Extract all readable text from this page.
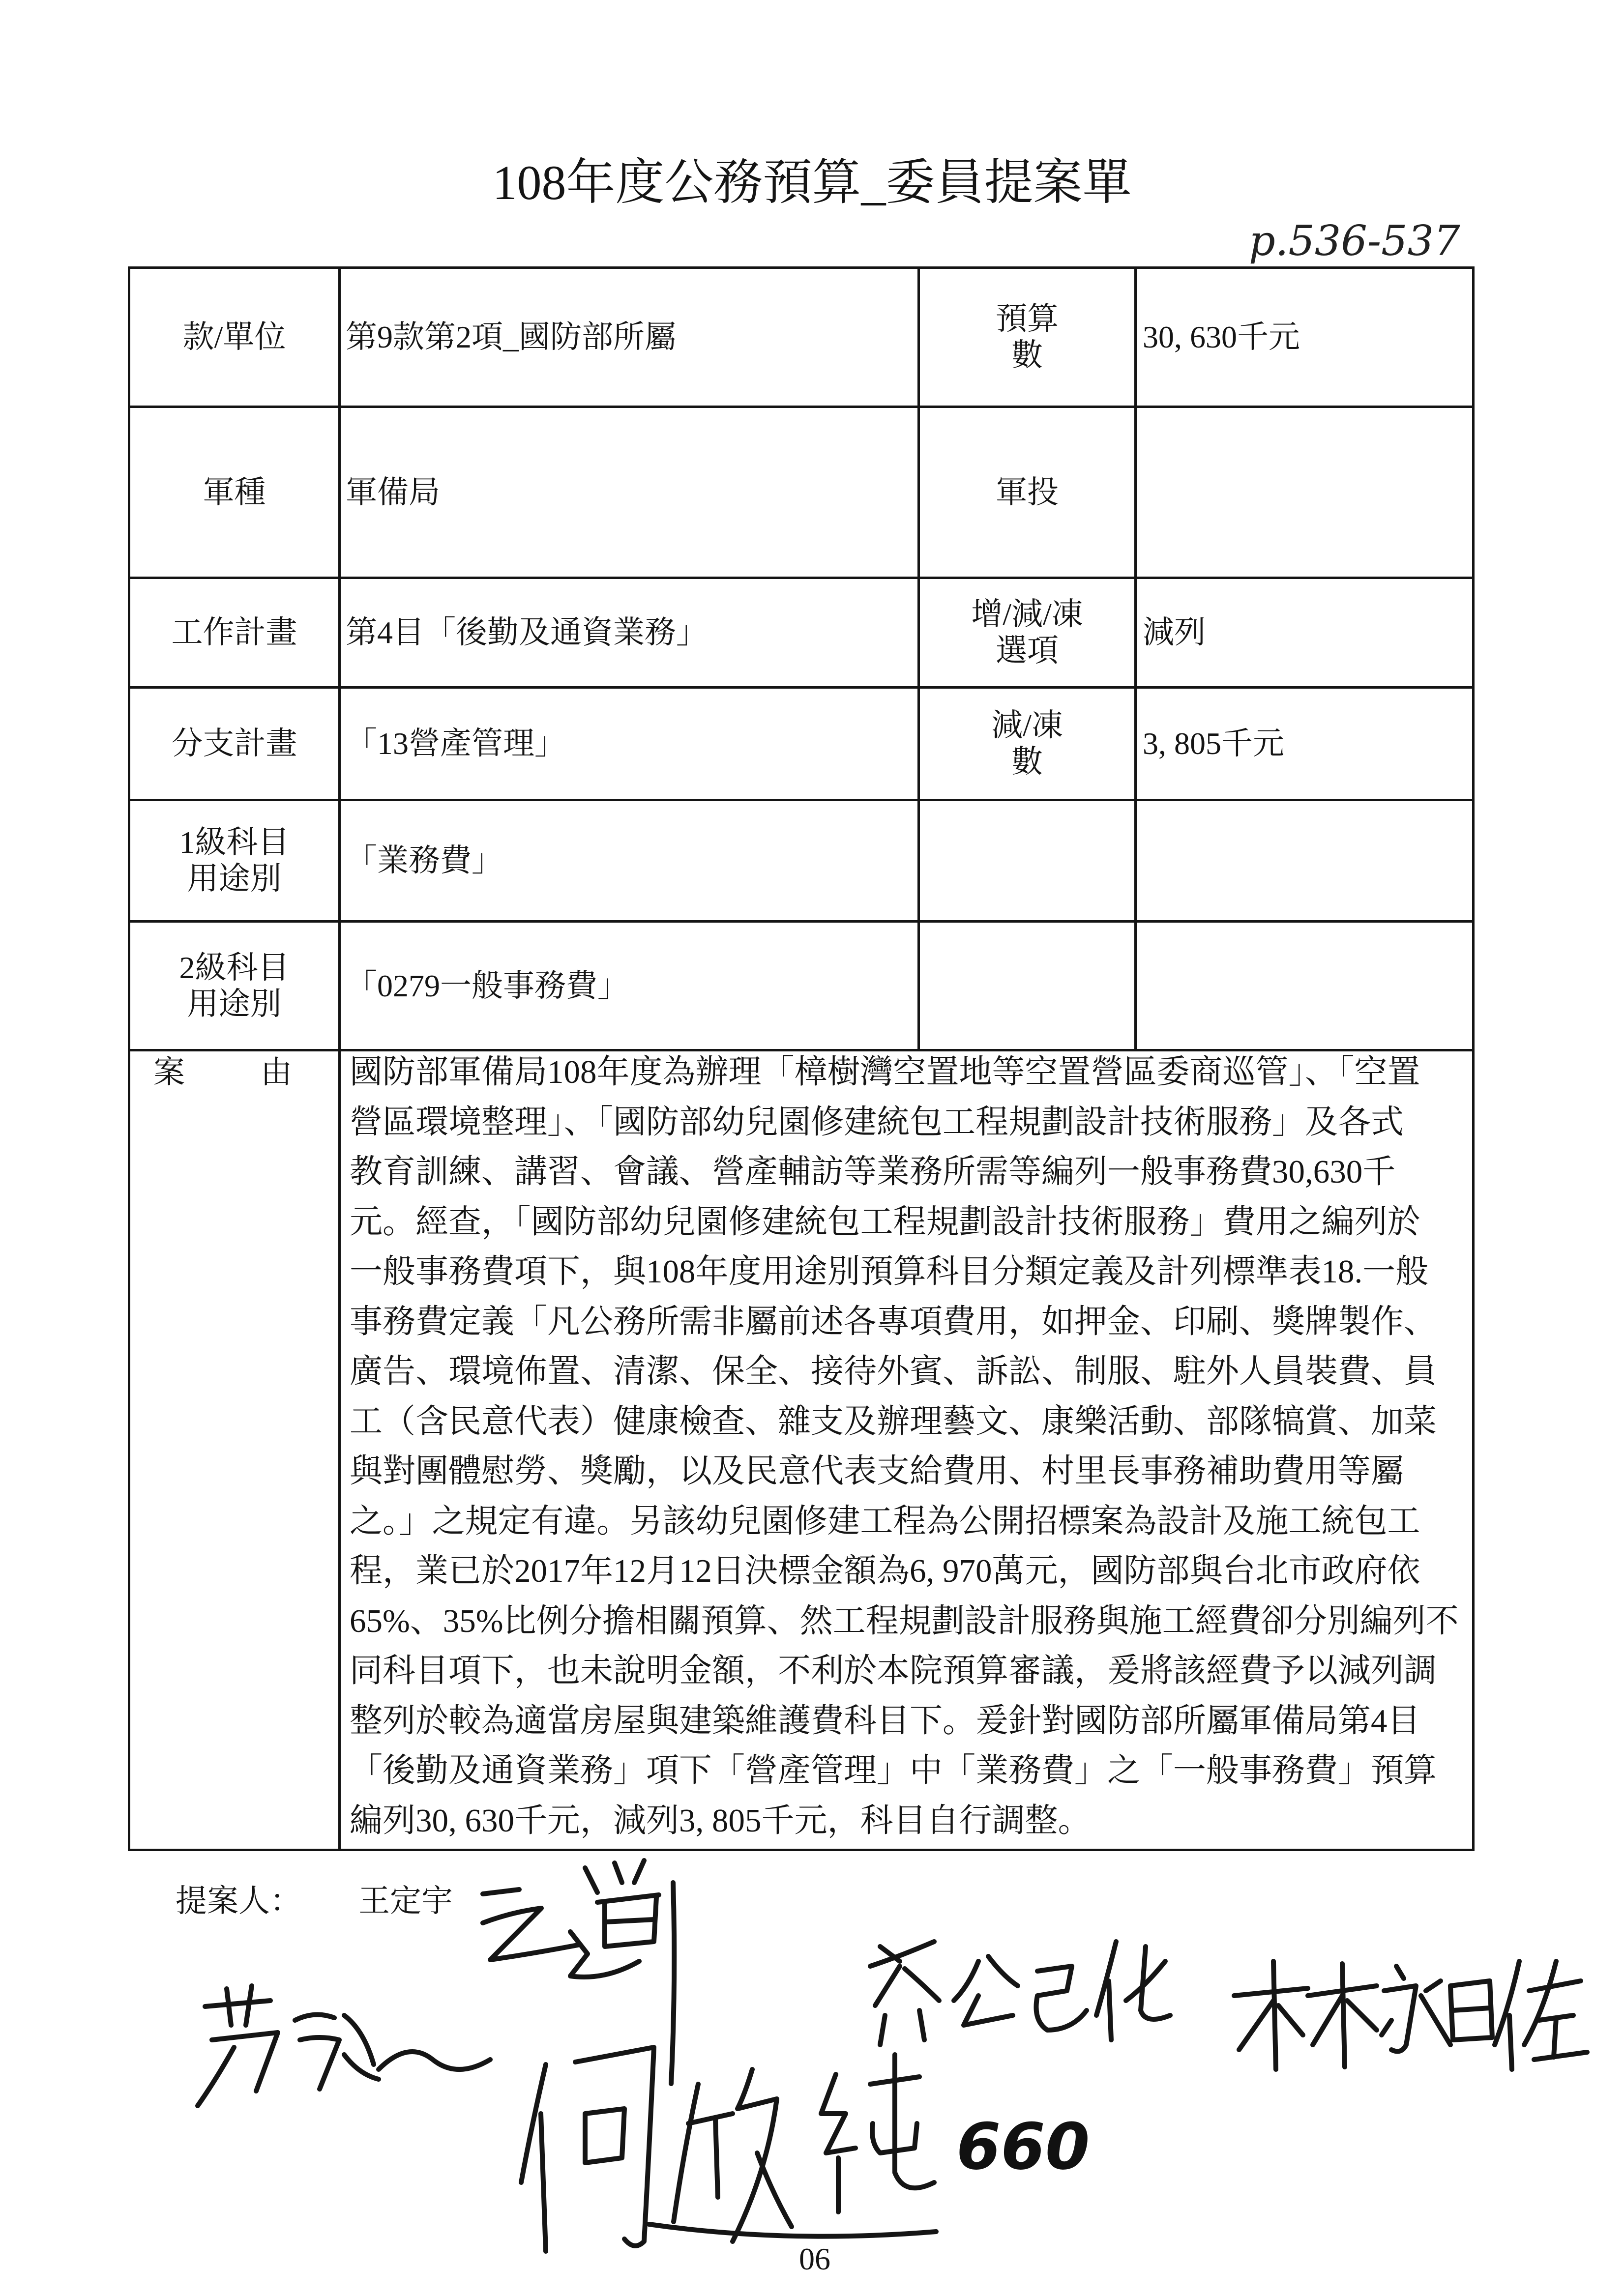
108年度公務預算_委員提案單
p.536-537
款/單位 第9款第2項_國防部所屬
預算
數
30, 630千元
軍種	軍備局	軍投
工作計畫 第4目「後勤及通資業務」
增/減/凍
選項
減列
分支計畫 「13營產管理」
減/凍
數
3, 805千元
1級科目
用途別
「業務費」
2級科目
用途別
「0279一般事務費」
案由
國防部軍備局108年度為辦理「樟樹灣空置地等空置營區委商巡管」、「空置
營區環境整理」、「國防部幼兒園修建統包工程規劃設計技術服務」及各式
教育訓練、講習、會議、營產輔訪等業務所需等編列一般事務費30,630千
元。經查，「國防部幼兒園修建統包工程規劃設計技術服務」費用之編列於
一般事務費項下，與108年度用途別預算科目分類定義及計列標準表18.一般
事務費定義「凡公務所需非屬前述各專項費用，如押金、印刷、獎牌製作、
廣告、環境佈置、清潔、保全、接待外賓、訴訟、制服、駐外人員裝費、員
工（含民意代表）健康檢查、雜支及辦理藝文、康樂活動、部隊犒賞、加菜
與對團體慰勞、獎勵，以及民意代表支給費用、村里長事務補助費用等屬
之。」之規定有違。另該幼兒園修建工程為公開招標案為設計及施工統包工
程，業已於2017年12月12日決標金額為6, 970萬元，國防部與台北市政府依
65%、35%比例分擔相關預算、然工程規劃設計服務與施工經費卻分別編列不
同科目項下，也未說明金額，不利於本院預算審議，爰將該經費予以減列調
整列於較為適當房屋與建築維護費科目下。爰針對國防部所屬軍備局第4目
「後勤及通資業務」項下「營產管理」中「業務費」之「一般事務費」預算
編列30, 630千元，減列3, 805千元，科目自行調整。
提案人： 王定宇
660
06
